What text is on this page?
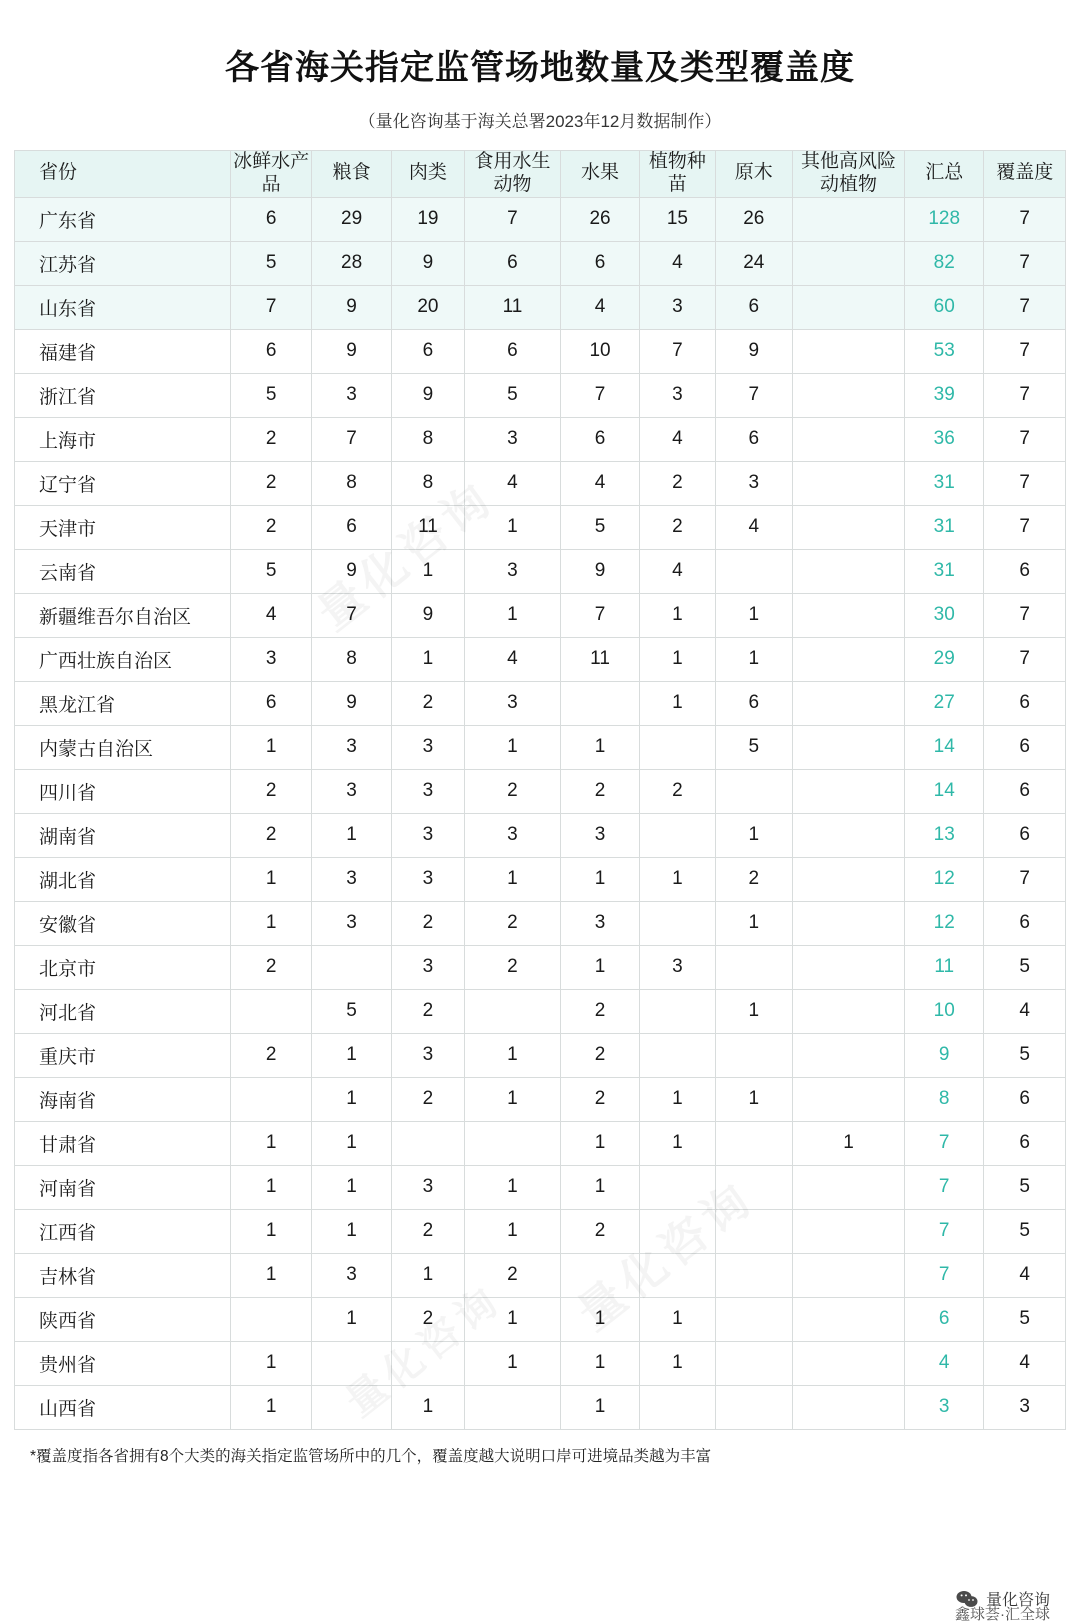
各省海关指定监管场地数量及类型覆盖度
（量化咨询基于海关总署2023年12月数据制作）
省份	冰鲜水产品	粮食	肉类	食用水生动物	水果	植物种苗	原木	其他高风险动植物	汇总	覆盖度
广东省	6	29	19	7	26	15	26		128	7
江苏省	5	28	9	6	6	4	24		82	7
山东省	7	9	20	11	4	3	6		60	7
福建省	6	9	6	6	10	7	9		53	7
浙江省	5	3	9	5	7	3	7		39	7
上海市	2	7	8	3	6	4	6		36	7
辽宁省	2	8	8	4	4	2	3		31	7
天津市	2	6	11	1	5	2	4		31	7
云南省	5	9	1	3	9	4			31	6
新疆维吾尔自治区	4	7	9	1	7	1	1		30	7
广西壮族自治区	3	8	1	4	11	1	1		29	7
黑龙江省	6	9	2	3		1	6		27	6
内蒙古自治区	1	3	3	1	1		5		14	6
四川省	2	3	3	2	2	2			14	6
湖南省	2	1	3	3	3		1		13	6
湖北省	1	3	3	1	1	1	2		12	7
安徽省	1	3	2	2	3		1		12	6
北京市	2		3	2	1	3			11	5
河北省		5	2		2		1		10	4
重庆市	2	1	3	1	2				9	5
海南省		1	2	1	2	1	1		8	6
甘肃省	1	1			1	1		1	7	6
河南省	1	1	3	1	1				7	5
江西省	1	1	2	1	2				7	5
吉林省	1	3	1	2					7	4
陕西省		1	2	1	1	1			6	5
贵州省	1			1	1	1			4	4
山西省	1		1		1				3	3
*覆盖度指各省拥有8个大类的海关指定监管场所中的几个，覆盖度越大说明口岸可进境品类越为丰富
量化咨询
鑫球荟·汇全球
